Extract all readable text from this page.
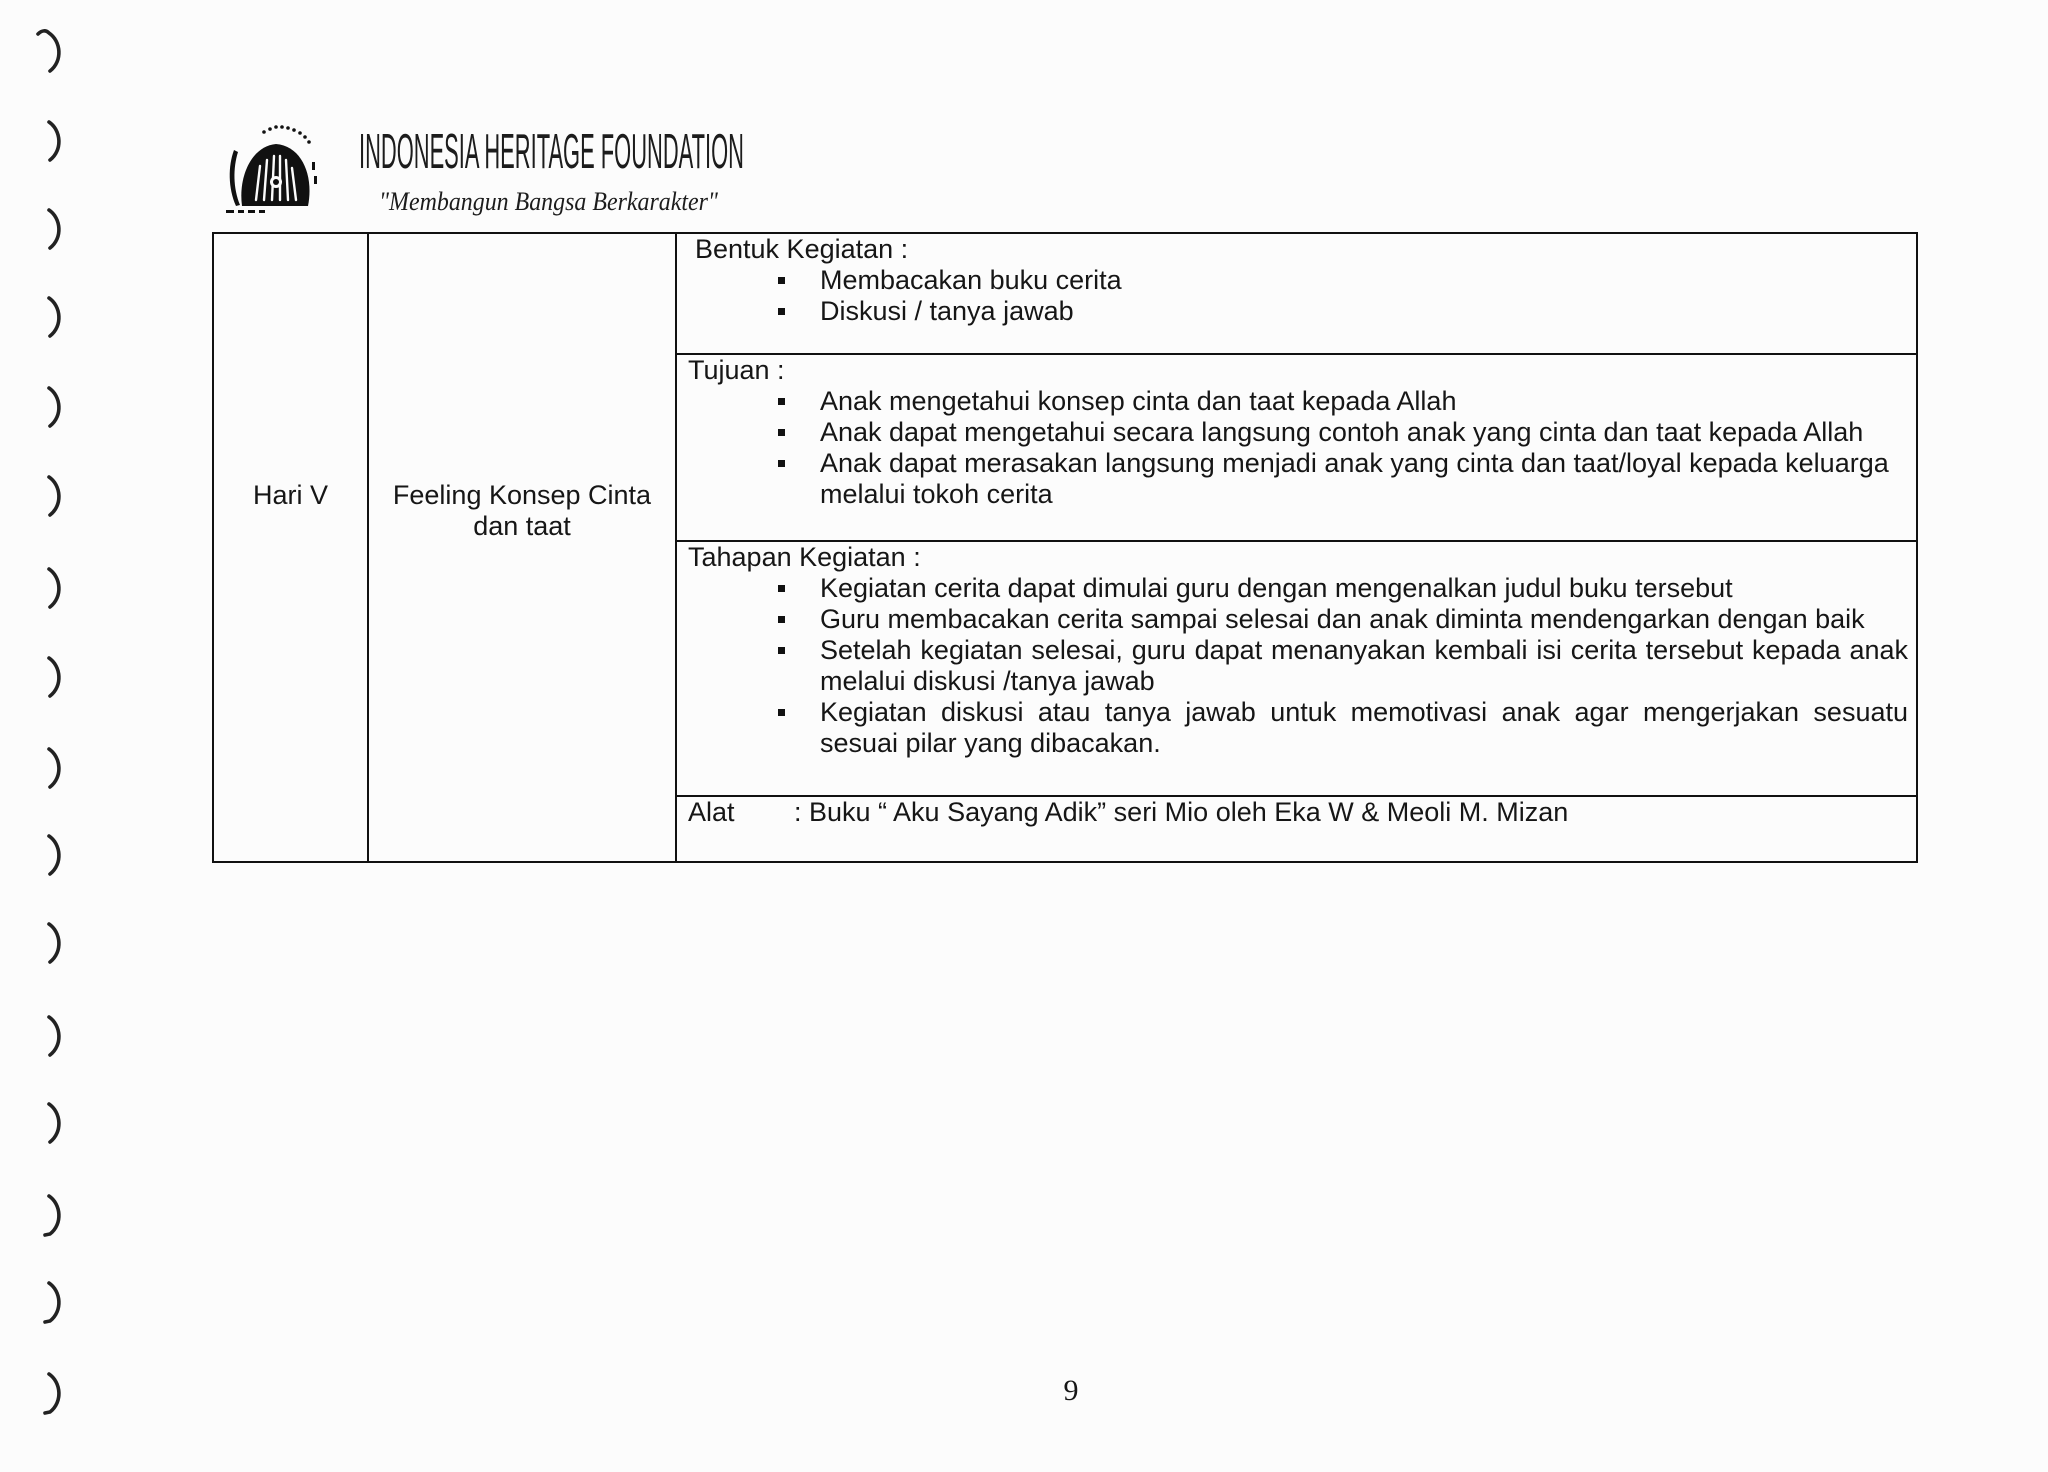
INDONESIA HERITAGE FOUNDATION
"Membangun Bangsa Berkarakter"
Hari V	Feeling Konsep Cinta dan taat
Bentuk Kegiatan :
Membacakan buku cerita
Diskusi / tanya jawab
Tujuan :
Anak mengetahui konsep cinta dan taat kepada Allah
Anak dapat mengetahui secara langsung contoh anak yang cinta dan taat kepada Allah
Anak dapat merasakan langsung menjadi anak yang cinta dan taat/loyal kepada keluarga melalui tokoh cerita
Tahapan Kegiatan :
Kegiatan cerita dapat dimulai guru dengan mengenalkan judul buku tersebut
Guru membacakan cerita sampai selesai dan anak diminta mendengarkan dengan baik
Setelah kegiatan selesai, guru dapat menanyakan kembali isi cerita tersebut kepada anak melalui diskusi /tanya jawab
Kegiatan diskusi atau tanya jawab untuk memotivasi anak agar mengerjakan sesuatu sesuai pilar yang dibacakan.
Alat : Buku “ Aku Sayang Adik” seri Mio oleh Eka W & Meoli M. Mizan
9
